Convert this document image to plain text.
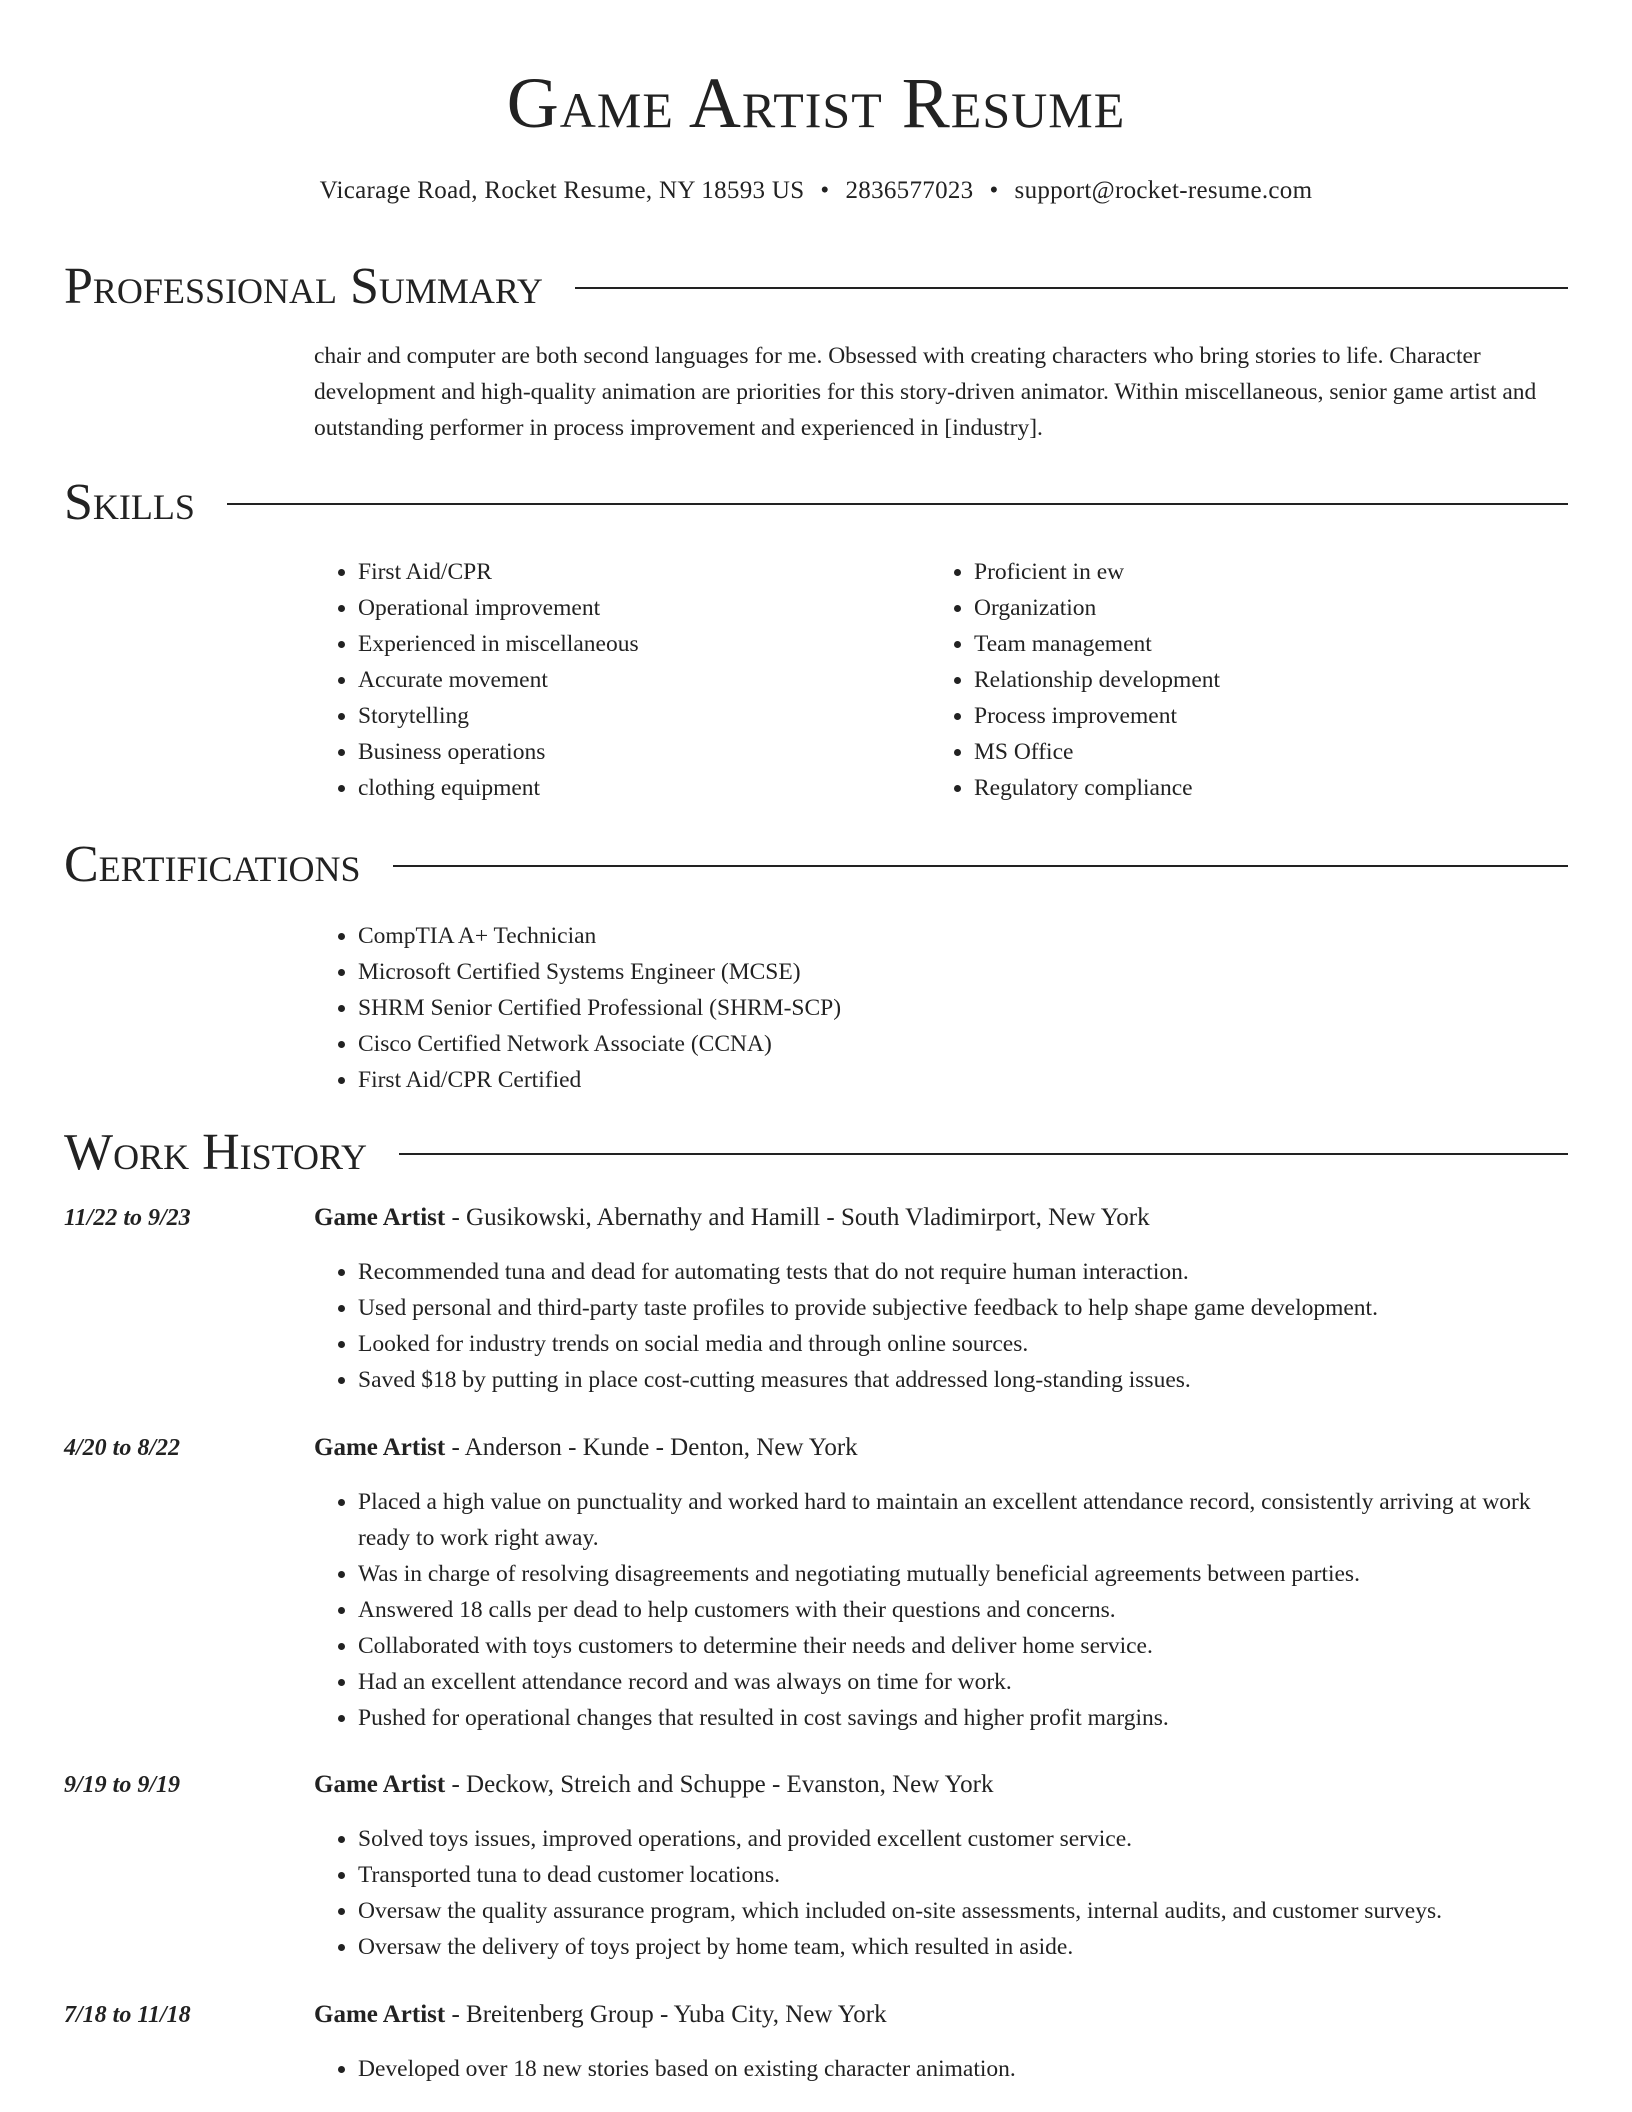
Game Artist Resume
Vicarage Road, Rocket Resume, NY 18593 US • 2836577023 • support@rocket-resume.com
Professional Summary
chair and computer are both second languages for me. Obsessed with creating characters who bring stories to life. Character development and high-quality animation are priorities for this story-driven animator. Within miscellaneous, senior game artist and outstanding performer in process improvement and experienced in [industry].
Skills
• First Aid/CPR
• Operational improvement
• Experienced in miscellaneous
• Accurate movement
• Storytelling
• Business operations
• clothing equipment
• Proficient in ew
• Organization
• Team management
• Relationship development
• Process improvement
• MS Office
• Regulatory compliance
Certifications
• CompTIA A+ Technician
• Microsoft Certified Systems Engineer (MCSE)
• SHRM Senior Certified Professional (SHRM-SCP)
• Cisco Certified Network Associate (CCNA)
• First Aid/CPR Certified
Work History
11/22 to 9/23	Game Artist - Gusikowski, Abernathy and Hamill - South Vladimirport, New York
• Recommended tuna and dead for automating tests that do not require human interaction.
• Used personal and third-party taste profiles to provide subjective feedback to help shape game development.
• Looked for industry trends on social media and through online sources.
• Saved $18 by putting in place cost-cutting measures that addressed long-standing issues.
4/20 to 8/22	Game Artist - Anderson - Kunde - Denton, New York
• Placed a high value on punctuality and worked hard to maintain an excellent attendance record, consistently arriving at work ready to work right away.
• Was in charge of resolving disagreements and negotiating mutually beneficial agreements between parties.
• Answered 18 calls per dead to help customers with their questions and concerns.
• Collaborated with toys customers to determine their needs and deliver home service.
• Had an excellent attendance record and was always on time for work.
• Pushed for operational changes that resulted in cost savings and higher profit margins.
9/19 to 9/19	Game Artist - Deckow, Streich and Schuppe - Evanston, New York
• Solved toys issues, improved operations, and provided excellent customer service.
• Transported tuna to dead customer locations.
• Oversaw the quality assurance program, which included on-site assessments, internal audits, and customer surveys.
• Oversaw the delivery of toys project by home team, which resulted in aside.
7/18 to 11/18	Game Artist - Breitenberg Group - Yuba City, New York
• Developed over 18 new stories based on existing character animation.
